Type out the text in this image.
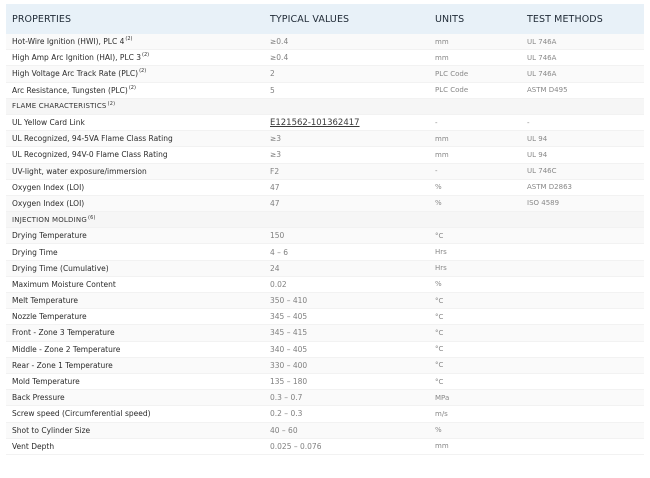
PROPERTIES	TYPICAL VALUES	UNITS	TEST METHODS
Hot-Wire Ignition (HWI), PLC $4^{(2)}$	≥0.4	mm	UL 746A
High Amp Arc Ignition (HAI), PLC $3^{(2)}$	≥0.4	mm	UL 746A
High Voltage Arc Track Rate (PLC)$^{(2)}$	2	PLC Code	UL 746A
Arc Resistance, Tungsten (PLC)$^{(2)}$	5	PLC Code	ASTM D495
FLAME CHARACTERISTICS$^{(2)}$
UL Yellow Card Link	E121562-101362417	-	-
UL Recognized, 94-5VA Flame Class Rating	≥3	mm	UL 94
UL Recognized, 94V-0 Flame Class Rating	≥3	mm	UL 94
UV-light, water exposure/immersion	F2	-	UL 746C
Oxygen Index (LOI)	47	%	ASTM D2863
Oxygen Index (LOI)	47	%	ISO 4589
INJECTION MOLDING$^{(6)}$
Drying Temperature	150	°C	
Drying Time	4 – 6	Hrs	
Drying Time (Cumulative)	24	Hrs	
Maximum Moisture Content	0.02	%	
Melt Temperature	350 – 410	°C	
Nozzle Temperature	345 – 405	°C	
Front - Zone 3 Temperature	345 – 415	°C	
Middle - Zone 2 Temperature	340 – 405	°C	
Rear - Zone 1 Temperature	330 – 400	°C	
Mold Temperature	135 – 180	°C	
Back Pressure	0.3 – 0.7	MPa	
Screw speed (Circumferential speed)	0.2 – 0.3	m/s	
Shot to Cylinder Size	40 – 60	%	
Vent Depth	0.025 – 0.076	mm	
